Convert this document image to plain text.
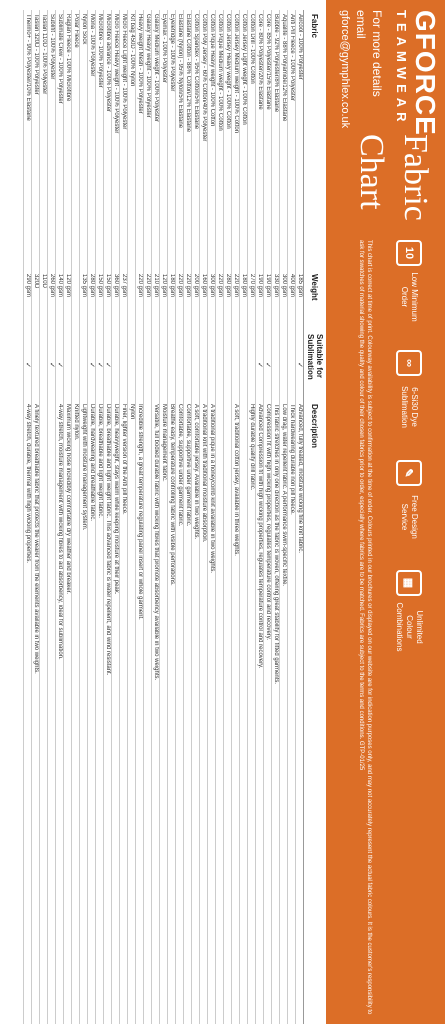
GFORCE
TEAMWEAR
For more details email
gforce@gymphlex.co.uk
Fabric Chart
10
Low Minimum Order
∞
6-Si30 Dye Sublimation
✎
Free Design Service
▦
Unlimited Colour Combinations
This chart is correct at time of print. Colourway availability is subject to confirmation at the time of order. Colours printed in our brochures or displayed on our website are for indication purposes only, and may not accurately represent the actual fabric colours. It is the customer's responsibility to ask for swatches of material showing the quality and colour of their chosen fabrics prior to order, especially where fabrics are to be matched. Fabrics are subject to the terms and conditions. GTP-01/25
Fabric	Weight	Suitable for Sublimation	Description
Aircool - 100% Polyester	185 gsm	✓	Advanced, fully treated, moisture wicking fine knit fabric.
Anti Pill Fleece - 100% Polyester	400 gsm		Thick hardwearing durable non pill fleece.
Aqualite - 88% Polyamide/12% Elastane	300 gsm		Low drag, water repellent fabric. A performance swim-specific textile.
Bubble - 92% Polyester/8% Elastane	330 gsm		This fabric stretches in only one direction as the fabric is woven, offering great stability for fitted garments.
Core - 85% Polyester/15% Elastane	190 gsm	✓	Compression fit with high wicking properties, regulates temperature control and recovery.
Core - 80% Polyester/20% Elastane	190 gsm	✓	Advanced Compression fit with high wicking properties, regulates temperature control and recovery.
Cotton Drill - 100% Cotton	270 gsm		Highly durable quality drill fabric.
Cotton Jersey Light weight - 100% Cotton	180 gsm		
Cotton Jersey Medium weight - 100% Cotton	220 gsm		A soft, traditional cotton jersey, available in three weights.
Cotton Jersey Heavy weight - 100% Cotton	280 gsm		
Cotton Pique Medium weight - 100% Cotton	220 gsm		
Cotton Pique Heavy weight - 100% Cotton	300 gsm		A traditional pique in a honeycomb knit available in two weights.
Cotton Poly Jersey - 60% Cotton/40% Polyester	160 gsm		A traditional knit with traditional moisture absorption.
Cotton Spandex - 95% Cotton/5% Elastane	200 gsm		A soft, comfortable jersey. Available in two weights.
Elastane Cotton - 88% Cotton/12% Elastane	220 gsm		Comfortable, supportive under garment fabric.
Elastane (Nylon) - 95% Nylon/5% Elastane	220 gsm		Comfortable, supportive under garment fabric.
Eyeletridge - 100% Polyester	180 gsm		Breathe easy, temperature controlling fabric with visible perforations.
Eyemax - 100% Polyester	120 gsm		Moisture management fabric.
Galaxy Medium weight - 100% Polyester	210 gsm		Versatile, full bodied durable fabric with wicking fibres that promote absorbency available in two weights.
Galaxy Heavy weight - 100% Polyester	220 gsm		
Heavy weight Mesh - 100% Polyester	220 gsm		Incredible strength, a great temperature regulating panel insert or whole garment.
Kit bag 450D - 100% Nylon			Nylon
Micro Fleece Light weight - 100% Polyester	237 gsm		Finer, lighter version of the Anti pill fleece.
Micro Fleece Heavy weight - 100% Polyester	360 gsm		Durable, heavyweight, stays warm while keeping moisture at their peak.
Microfibre advance - 100% Polyester	150 gsm	✓	Durable, breathable and light weight fabric. This advanced fabric is water repellent, and wind resistant.
Microfibre - 100% Polyester	150 gsm	✓	Durable, breathable and light weight fabric.
Mona - 100% Polyester	280 gsm	✓	Durable, hardwearing and breathable fabric.
Nylon Sock	135 gsm		Lightweight with moisture management system.
Polar Fleece			Knitted nylon.
Raglan Fleece - 100% Microfibre	120 gsm		Maximum wicking hose incredibly comfortable dry weather and breaker.
Sublimate Crew - 100% Polyester	140 gsm	✓	4-way stretch, moisture management with wicking fibres to aid absorbency, ideal for sublimation.
Sublifit - 100% Polyester	260 gsm	✓	
Taslan 110D - 100% Polyester	110D		
Taslan 320D - 100% Polyester	320D		A finely textured breathable fabric that protects the wearer from the elements available in two weights.
Thermo+ - 90% Polyester/10% Elastane	290 gsm	✓	4-way stretch, durable, thermal with high wicking properties.
